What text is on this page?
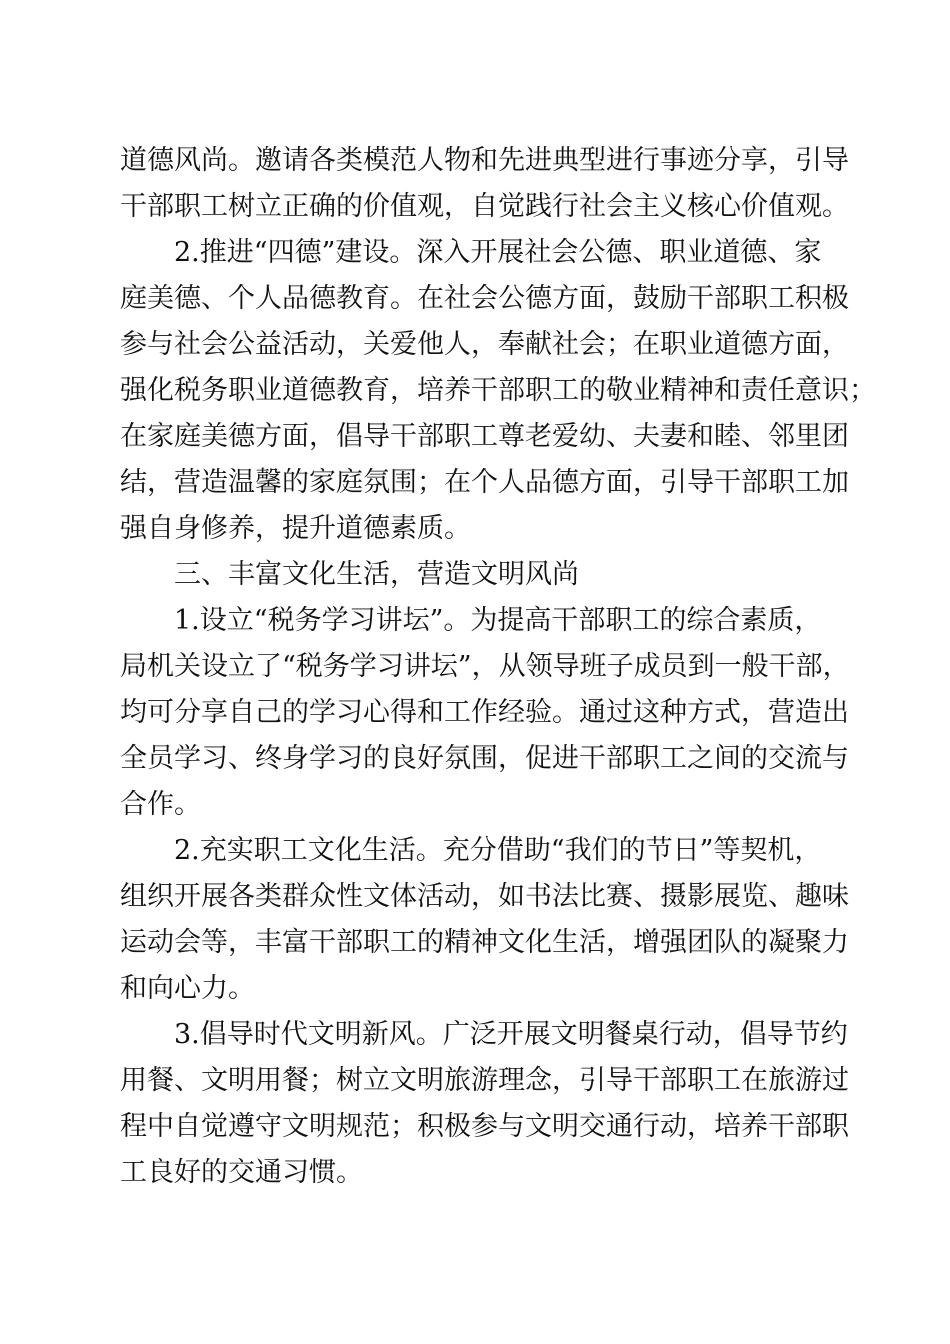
道德风尚。邀请各类模范人物和先进典型进行事迹分享，引导
干部职工树立正确的价值观，自觉践行社会主义核心价值观。
2.推进“四德”建设。深入开展社会公德、职业道德、家
庭美德、个人品德教育。在社会公德方面，鼓励干部职工积极
参与社会公益活动，关爱他人，奉献社会；在职业道德方面，
强化税务职业道德教育，培养干部职工的敬业精神和责任意识；
在家庭美德方面，倡导干部职工尊老爱幼、夫妻和睦、邻里团
结，营造温馨的家庭氛围；在个人品德方面，引导干部职工加
强自身修养，提升道德素质。
三、丰富文化生活，营造文明风尚
1.设立“税务学习讲坛”。为提高干部职工的综合素质，
局机关设立了“税务学习讲坛”，从领导班子成员到一般干部，
均可分享自己的学习心得和工作经验。通过这种方式，营造出
全员学习、终身学习的良好氛围，促进干部职工之间的交流与
合作。
2.充实职工文化生活。充分借助“我们的节日”等契机，
组织开展各类群众性文体活动，如书法比赛、摄影展览、趣味
运动会等，丰富干部职工的精神文化生活，增强团队的凝聚力
和向心力。
3.倡导时代文明新风。广泛开展文明餐桌行动，倡导节约
用餐、文明用餐；树立文明旅游理念，引导干部职工在旅游过
程中自觉遵守文明规范；积极参与文明交通行动，培养干部职
工良好的交通习惯。
